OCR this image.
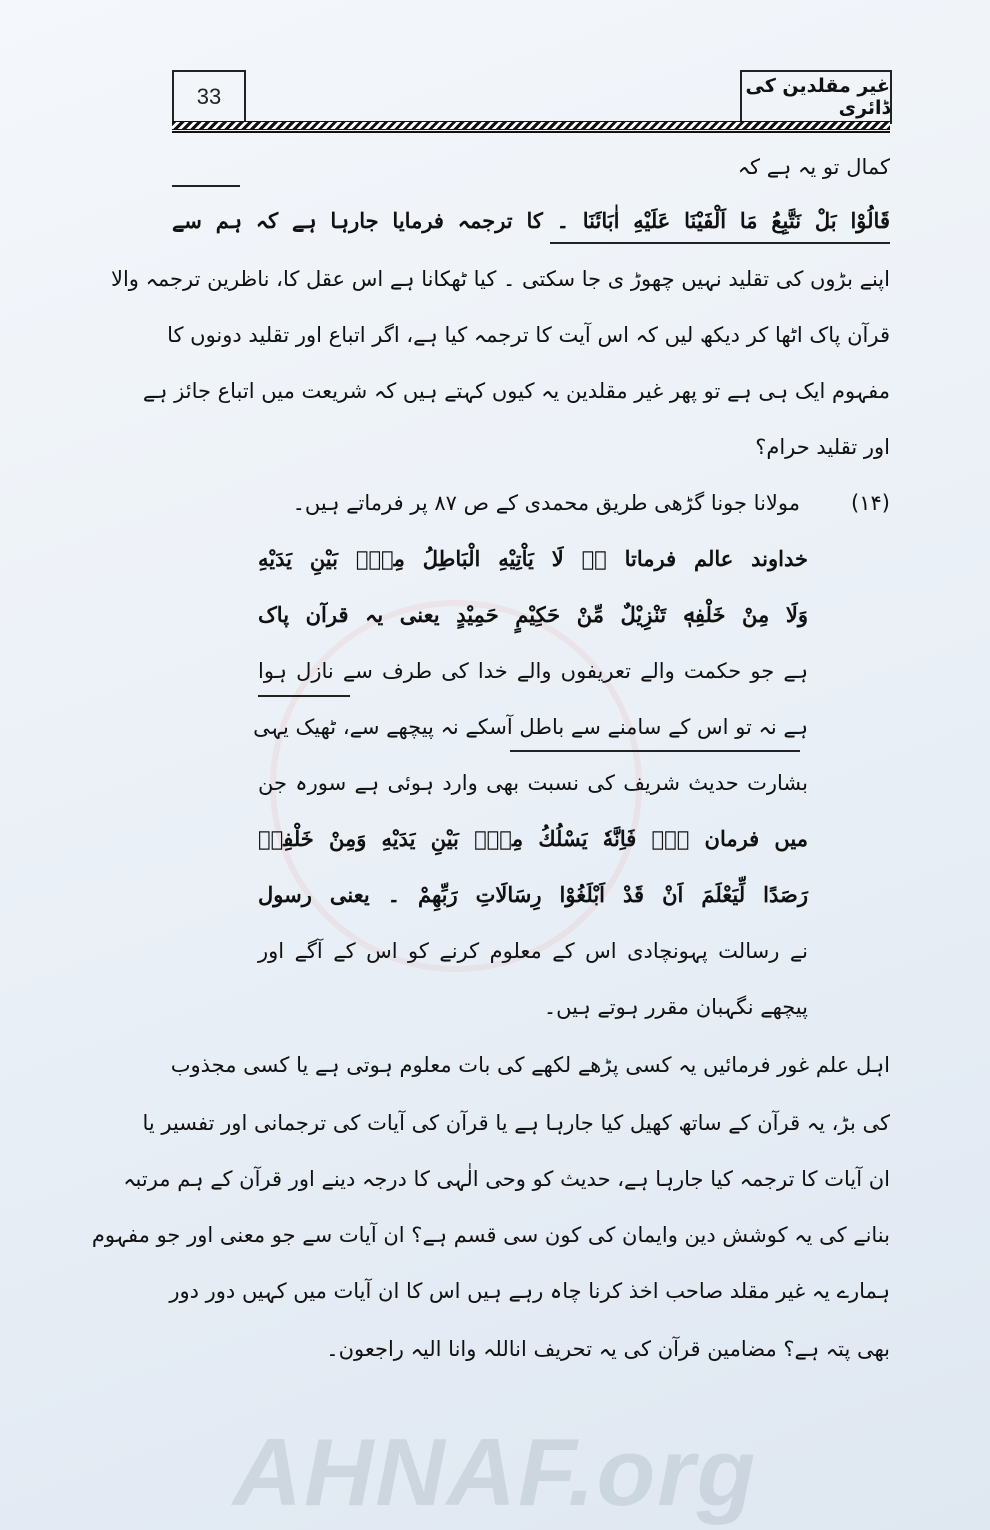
33	غیر مقلدین کی ڈائری
کمال تو یہ ہے کہ
قَالُوْا بَلْ نَتَّبِعُ مَا اَلْفَيْنَا عَلَيْهِ اٰبَائَنَا ۔ کا ترجمہ فرمایا جارہا ہے کہ ہم سے
اپنے بڑوں کی تقلید نہیں چھوڑ ی جا سکتی ۔ کیا ٹھکانا ہے اس عقل کا، ناظرین ترجمہ والا
قرآن پاک اٹھا کر دیکھ لیں کہ اس آیت کا ترجمہ کیا ہے، اگر اتباع اور تقلید دونوں کا
مفہوم ایک ہی ہے تو پھر غیر مقلدین یہ کیوں کہتے ہیں کہ شریعت میں اتباع جائز ہے
اور تقلید حرام؟
(۱۴)
مولانا جونا گڑھی طریق محمدی کے ص ۸۷ پر فرماتے ہیں۔
خداوند عالم فرماتا ہے لَا يَاْتِيْهِ الْبَاطِلُ مِنْۢ بَيْنِ يَدَيْهِ
وَلَا مِنْ خَلْفِهٖ تَنْزِيْلٌ مِّنْ حَكِيْمٍ حَمِيْدٍ یعنی یہ قرآن پاک
ہے جو حکمت والے تعریفوں والے خدا کی طرف سے نازل ہوا
ہے نہ تو اس کے سامنے سے باطل آسکے نہ پیچھے سے، ٹھیک یہی
بشارت حدیث شریف کی نسبت بھی وارد ہوئی ہے سورہ جن
میں فرمان ہے۔ فَاِنَّهٗ يَسْلُكُ مِنْۢ بَيْنِ يَدَيْهِ وَمِنْ خَلْفِهٖ
رَصَدًا لِّيَعْلَمَ اَنْ قَدْ اَبْلَغُوْا رِسَالَاتِ رَبِّهِمْ ۔ یعنی رسول
نے رسالت پہونچادی اس کے معلوم کرنے کو اس کے آگے اور
پیچھے نگہبان مقرر ہوتے ہیں۔
اہل علم غور فرمائیں یہ کسی پڑھے لکھے کی بات معلوم ہوتی ہے یا کسی مجذوب
کی بڑ، یہ قرآن کے ساتھ کھیل کیا جارہا ہے یا قرآن کی آیات کی ترجمانی اور تفسیر یا
ان آیات کا ترجمہ کیا جارہا ہے، حدیث کو وحی الٰہی کا درجہ دینے اور قرآن کے ہم مرتبہ
بنانے کی یہ کوشش دین وایمان کی کون سی قسم ہے؟ ان آیات سے جو معنی اور جو مفہوم
ہمارے یہ غیر مقلد صاحب اخذ کرنا چاہ رہے ہیں اس کا ان آیات میں کہیں دور دور
بھی پتہ ہے؟ مضامین قرآن کی یہ تحریف اناللہ وانا الیہ راجعون۔
AHNAF.org
